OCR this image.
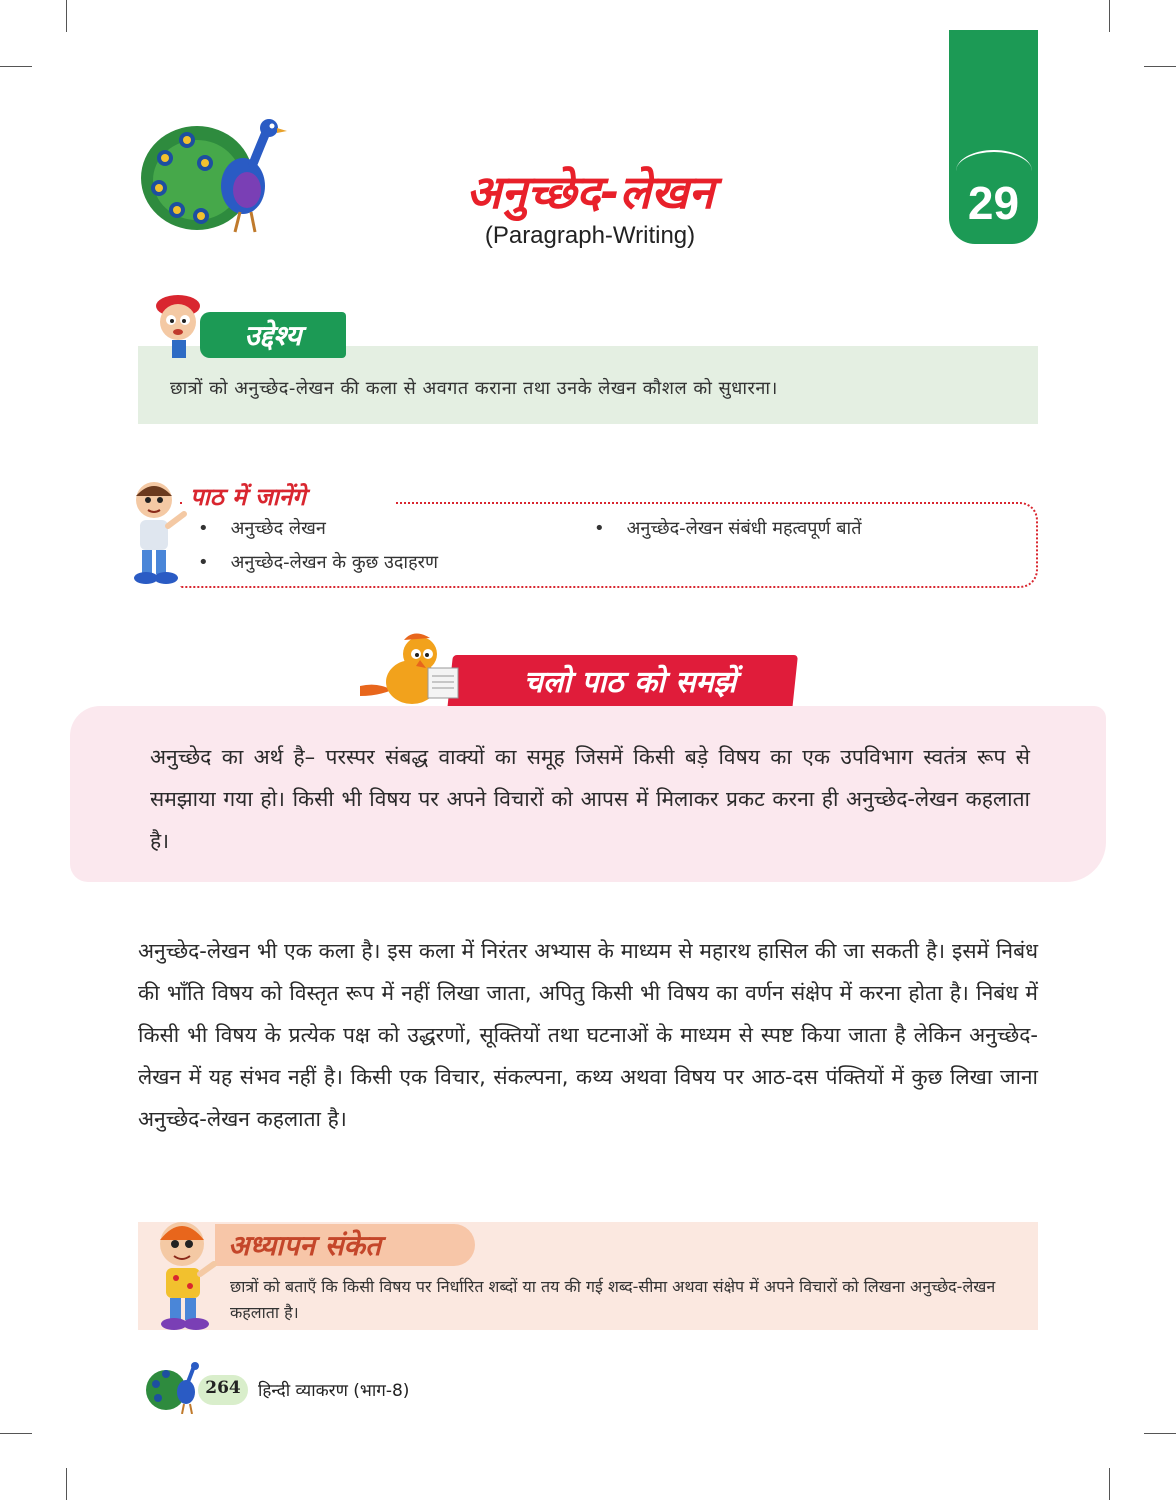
अनुच्छेद-लेखन
(Paragraph-Writing)
29
उद्देश्य
छात्रों को अनुच्छेद-लेखन की कला से अवगत कराना तथा उनके लेखन कौशल को सुधारना।
पाठ में जानेंगे
• अनुच्छेद लेखन
•	अनुच्छेद-लेखन संबंधी महत्वपूर्ण बातें
• अनुच्छेद-लेखन के कुछ उदाहरण
चलो पाठ को समझें
अनुच्छेद का अर्थ है– परस्पर संबद्ध वाक्यों का समूह जिसमें किसी बड़े विषय का एक उपविभाग स्वतंत्र रूप से समझाया गया हो। किसी भी विषय पर अपने विचारों को आपस में मिलाकर प्रकट करना ही अनुच्छेद-लेखन कहलाता है।
अनुच्छेद-लेखन भी एक कला है। इस कला में निरंतर अभ्यास के माध्यम से महारथ हासिल की जा सकती है। इसमें निबंध की भाँति विषय को विस्तृत रूप में नहीं लिखा जाता, अपितु किसी भी विषय का वर्णन संक्षेप में करना होता है। निबंध में किसी भी विषय के प्रत्येक पक्ष को उद्धरणों, सूक्तियों तथा घटनाओं के माध्यम से स्पष्ट किया जाता है लेकिन अनुच्छेद-लेखन में यह संभव नहीं है। किसी एक विचार, संकल्पना, कथ्य अथवा विषय पर आठ-दस पंक्तियों में कुछ लिखा जाना अनुच्छेद-लेखन कहलाता है।
अध्यापन संकेत
छात्रों को बताएँ कि किसी विषय पर निर्धारित शब्दों या तय की गई शब्द-सीमा अथवा संक्षेप में अपने विचारों को लिखना अनुच्छेद-लेखन कहलाता है।
264	हिन्दी व्याकरण (भाग-8)
